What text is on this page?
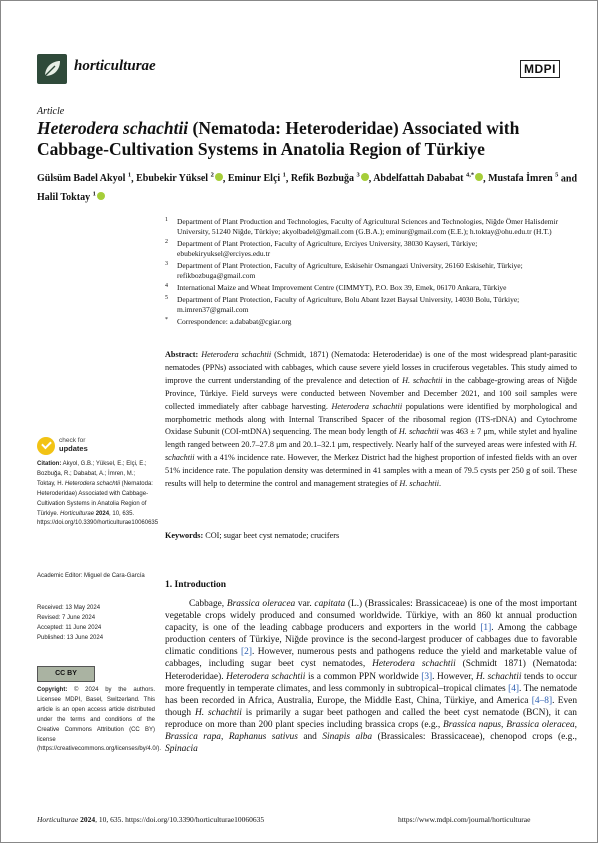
horticulturae	MDPI
Article
Heterodera schachtii (Nematoda: Heteroderidae) Associated with Cabbage-Cultivation Systems in Anatolia Region of Türkiye
Gülsüm Badel Akyol $^1$, Ebubekir Yüksel $^2$ , Eminur Elçi $^1$, Refik Bozbuğa $^3$ , Abdelfattah Dababat $^{4,*}$ , Mustafa İmren $^5$ and Halil Toktay $^1$
1 Department of Plant Production and Technologies, Faculty of Agricultural Sciences and Technologies, Niğde Ömer Halisdemir University, 51240 Niğde, Türkiye; akyolbadel@gmail.com (G.B.A.); eminur@gmail.com (E.E.); h.toktay@ohu.edu.tr (H.T.)
2 Department of Plant Protection, Faculty of Agriculture, Erciyes University, 38030 Kayseri, Türkiye; ebubekiryuksel@erciyes.edu.tr
3 Department of Plant Protection, Faculty of Agriculture, Eskisehir Osmangazi University, 26160 Eskisehir, Türkiye; refikbozbuga@gmail.com
4 International Maize and Wheat Improvement Centre (CIMMYT), P.O. Box 39, Emek, 06170 Ankara, Türkiye
5 Department of Plant Protection, Faculty of Agriculture, Bolu Abant Izzet Baysal University, 14030 Bolu, Türkiye; m.imren37@gmail.com
* Correspondence: a.dababat@cgiar.org
Abstract: Heterodera schachtii (Schmidt, 1871) (Nematoda: Heteroderidae) is one of the most widespread plant-parasitic nematodes (PPNs) associated with cabbages, which cause severe yield losses in cruciferous vegetables. This study aimed to improve the current understanding of the prevalence and detection of H. schachtii in the cabbage-growing areas of Niğde Province, Türkiye. Field surveys were conducted between November and December 2021, and 100 soil samples were collected immediately after cabbage harvesting. Heterodera schachtii populations were identified by morphological and morphometric methods along with Internal Transcribed Spacer of the ribosomal region (ITS-rDNA) and Cytochrome Oxidase Subunit (COI-mtDNA) sequencing. The mean body length of H. schachtii was 463 ± 7 μm, while stylet and hyaline length ranged between 20.7–27.8 μm and 20.1–32.1 μm, respectively. Nearly half of the surveyed areas were infested with H. schachtii with a 41% incidence rate. However, the Merkez District had the highest proportion of infested fields with an over 51% incidence rate. The population density was determined in 41 samples with a mean of 79.5 cysts per 250 g of soil. These results will help to determine the control and management strategies of H. schachtii.
Keywords: COI; sugar beet cyst nematode; crucifers
check for
updates
Citation: Akyol, G.B.; Yüksel, E.; Elçi, E.; Bozbuğa, R.; Dababat, A.; İmren, M.; Toktay, H. Heterodera schachtii (Nematoda: Heteroderidae) Associated with Cabbage-Cultivation Systems in Anatolia Region of Türkiye. Horticulturae 2024, 10, 635. https://doi.org/10.3390/horticulturae10060635
Academic Editor: Miguel de Cara-García
Received: 13 May 2024
Revised: 7 June 2024
Accepted: 11 June 2024
Published: 13 June 2024
CC BY
Copyright: © 2024 by the authors. Licensee MDPI, Basel, Switzerland. This article is an open access article distributed under the terms and conditions of the Creative Commons Attribution (CC BY) license (https://creativecommons.org/licenses/by/4.0/).
1. Introduction

Cabbage, Brassica oleracea var. capitata (L.) (Brassicales: Brassicaceae) is one of the most important vegetable crops widely produced and consumed worldwide. Türkiye, with an 860 kt annual production capacity, is one of the leading cabbage producers and exporters in the world [1]. Among the cabbage production centers of Türkiye, Niğde province is the second-largest producer of cabbages due to favorable climatic conditions [2]. However, numerous pests and pathogens reduce the yield and marketable value of cabbages, including sugar beet cyst nematodes, Heterodera schachtii (Schmidt 1871) (Nematoda: Heteroderidae). Heterodera schachtii is a common PPN worldwide [3]. However, H. schachtii tends to occur more frequently in temperate climates, and less commonly in subtropical–tropical climates [4]. The nematode has been recorded in Africa, Australia, Europe, the Middle East, China, Türkiye, and America [4–8]. Even though H. schachtii is primarily a sugar beet pathogen and called the beet cyst nematode (BCN), it can reproduce on more than 200 plant species including brassica crops (e.g., Brassica napus, Brassica oleracea, Brassica rapa, Raphanus sativus and Sinapis alba (Brassicales: Brassicaceae), chenopod crops (e.g., Spinacia

Horticulturae 2024, 10, 635. https://doi.org/10.3390/horticulturae10060635	https://www.mdpi.com/journal/horticulturae
